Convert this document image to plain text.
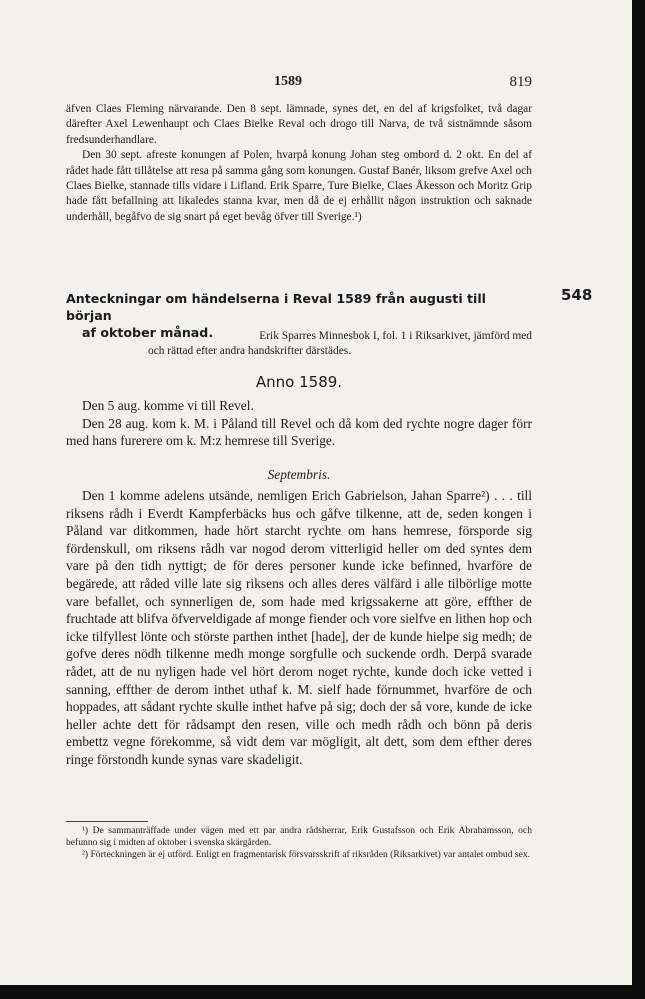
1589	819

äfven Claes Fleming närvarande. Den 8 sept. lämnade, synes det, en del af krigsfolket, två dagar därefter Axel Lewenhaupt och Claes Bielke Reval och drogo till Narva, de två sistnämnde såsom fredsunderhandlare.

Den 30 sept. afreste konungen af Polen, hvarpå konung Johan steg ombord d. 2 okt. En del af rådet hade fått tillåtelse att resa på samma gång som konungen. Gustaf Banér, liksom grefve Axel och Claes Bielke, stannade tills vidare i Lifland. Erik Sparre, Ture Bielke, Claes Åkesson och Moritz Grip hade fått befallning att likaledes stanna kvar, men då de ej erhållit någon instruktion och saknade underhåll, begåfvo de sig snart på eget bevåg öfver till Sverige.¹)

Anteckningar om händelserna i Reval 1589 från augusti till början
af oktober månad.
548
Erik Sparres Minnesbok I, fol. 1 i Riksarkivet, jämförd med
och rättad efter andra handskrifter därstädes.
Anno 1589.

Den 5 aug. komme vi till Revel.

Den 28 aug. kom k. M. i Påland till Revel och då kom ded rychte nogre dager förr med hans furerere om k. M:z hemrese till Sverige.

Septembris.

Den 1 komme adelens utsände, nemligen Erich Gabrielson, Jahan Sparre²) . . . till riksens rådh i Everdt Kampferbäcks hus och gåfve tilkenne, att de, seden kongen i Påland var ditkommen, hade hört starcht rychte om hans hemrese, försporde sig fördenskull, om riksens rådh var nogod derom vitterligid heller om ded syntes dem vare på den tidh nyttigt; de för deres personer kunde icke befinned, hvarföre de begärede, att råded ville late sig riksens och alles deres välfärd i alle tilbörlige motte vare befallet, och synnerligen de, som hade med krigssakerne att göre, effther de fruchtade att blifva öfverveldigade af monge fiender och vore sielfve en lithen hop och icke tilfyllest lönte och störste parthen inthet [hade], der de kunde hielpe sig medh; de gofve deres nödh tilkenne medh monge sorgfulle och suckende ordh. Derpå svarade rådet, att de nu nyligen hade vel hört derom noget rychte, kunde doch icke vetted i sanning, effther de derom inthet uthaf k. M. sielf hade förnummet, hvarföre de och hoppades, att sådant rychte skulle inthet hafve på sig; doch der så vore, kunde de icke heller achte dett för rådsampt den resen, ville och medh rådh och bönn på deris embettz vegne förekomme, så vidt dem var mögligit, alt dett, som dem efther deres ringe förstondh kunde synas vare skadeligit.

¹) De sammanträffade under vägen med ett par andra rådsherrar, Erik Gustafsson och Erik Abrahamsson, och befunno sig i midten af oktober i svenska skärgården.

²) Förteckningen är ej utförd. Enligt en fragmentarisk försvarsskrift af riksråden (Riksarkivet) var antalet ombud sex.
